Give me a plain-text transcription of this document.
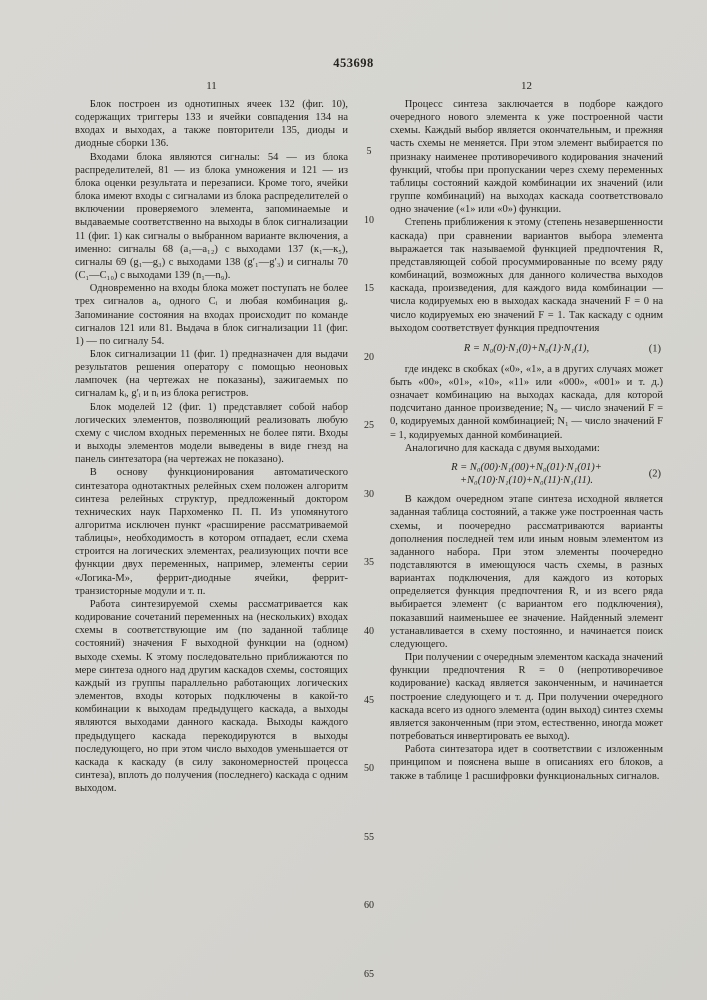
453698
11	12
Блок построен из однотипных ячеек 132 (фиг. 10), содержащих триггеры 133 и ячейки совпадения 134 на входах и выходах, а также повторители 135, диоды и диодные сборки 136.
Входами блока являются сигналы: 54 — из блока распределителей, 81 — из блока умножения и 121 — из блока оценки результата и перезаписи. Кроме того, ячейки блока имеют входы с сигналами из блока распределителей о включении проверяемого элемента, запоминаемые и выдаваемые соответственно на выходы в блок сигнализации 11 (фиг. 1) как сигналы о выбранном варианте включения, а именно: сигналы 68 (a₁—a₁₂) с выходами 137 (к₁—к₅), сигналы 69 (g₁—g₃) с выходами 138 (g′₁—g′₃) и сигналы 70 (C₁—C₁₀) с выходами 139 (n₁—n₉).
Одновременно на входы блока может поступать не более трех сигналов aᵢ, одного Cᵢ и любая комбинация gᵢ. Запоминание состояния на входах происходит по команде сигналов 121 или 81. Выдача в блок сигнализации 11 (фиг. 1) — по сигналу 54.
Блок сигнализации 11 (фиг. 1) предназначен для выдачи результатов решения оператору с помощью неоновых лампочек (на чертежах не показаны), зажигаемых по сигналам kᵢ, g′ᵢ и nᵢ из блока регистров.
Блок моделей 12 (фиг. 1) представляет собой набор логических элементов, позволяющий реализовать любую схему с числом входных переменных не более пяти. Входы и выходы элементов модели выведены в виде гнезд на панель синтезатора (на чертежах не показано).
В основу функционирования автоматического синтезатора однотактных релейных схем положен алгоритм синтеза релейных структур, предложенный доктором технических наук Пархоменко П. П. Из упомянутого алгоритма исключен пункт «расширение рассматриваемой таблицы», необходимость в котором отпадает, если схема строится на логических элементах, реализующих почти все функции двух переменных, например, элементы серии «Логика-М», феррит-диодные ячейки, феррит-транзисторные модули и т. п.
Работа синтезируемой схемы рассматривается как кодирование сочетаний переменных на (нескольких) входах схемы в соответствующие им (по заданной таблице состояний) значения F выходной функции на (одном) выходе схемы. К этому последовательно приближаются по мере синтеза одного над другим каскадов схемы, состоящих каждый из группы параллельно работающих логических элементов, входы которых подключены в какой-то комбинации к выходам предыдущего каскада, а выходы являются выходами данного каскада. Выходы каждого предыдущего каскада перекодируются в выходы последующего, но при этом число выходов уменьшается от каскада к каскаду (в силу закономерностей процесса синтеза), вплоть до получения (последнего) каскада с одним выходом.
5
10
15
20
25
30
35
40
45
50
55
60
65
Процесс синтеза заключается в подборе каждого очередного нового элемента к уже построенной части схемы. Каждый выбор является окончательным, и прежняя часть схемы не меняется. При этом элемент выбирается по признаку наименее противоречивого кодирования значений функций, чтобы при пропускании через схему переменных таблицы состояний каждой комбинации их значений (или группе комбинаций) на выходах каскада соответствовало одно значение («1» или «0») функции.
Степень приближения к этому (степень незавершенности каскада) при сравнении вариантов выбора элемента выражается так называемой функцией предпочтения R, представляющей собой просуммированные по всему ряду комбинаций, возможных для данного количества выходов каскада, произведения, для каждого вида комбинации — числа кодируемых ею в выходах каскада значений F = 0 на число кодируемых ею значений F = 1. Так каскаду с одним выходом соответствует функция предпочтения
R = N₀(0)·N₁(0)+N₀(1)·N₁(1),	(1)
где индекс в скобках («0», «1», а в других случаях может быть «00», «01», «10», «11» или «000», «001» и т. д.) означает комбинацию на выходах каскада, для которой подсчитано данное произведение; N₀ — число значений F = 0, кодируемых данной комбинацией; N₁ — число значений F = 1, кодируемых данной комбинацией.
Аналогично для каскада с двумя выходами:
R = N₀(00)·N₁(00)+N₀(01)·N₁(01)+
+N₀(10)·N₁(10)+N₀(11)·N₁(11).
(2)
В каждом очередном этапе синтеза исходной является заданная таблица состояний, а также уже построенная часть схемы, и поочередно рассматриваются варианты дополнения последней тем или иным новым элементом из заданного набора. При этом элементы поочередно подставляются в имеющуюся часть схемы, в разных вариантах подключения, для каждого из которых определяется функция предпочтения R, и из всего ряда выбирается элемент (с вариантом его подключения), показавший наименьшее ее значение. Найденный элемент устанавливается в схему постоянно, и начинается поиск следующего.
При получении с очередным элементом каскада значений функции предпочтения R = 0 (непротиворечивое кодирование) каскад является законченным, и начинается построение следующего и т. д. При получении очередного каскада всего из одного элемента (один выход) синтез схемы является законченным (при этом, естественно, иногда может потребоваться инвертировать ее выход).
Работа синтезатора идет в соответствии с изложенным принципом и пояснена выше в описаниях его блоков, а также в таблице 1 расшифровки функциональных сигналов.
